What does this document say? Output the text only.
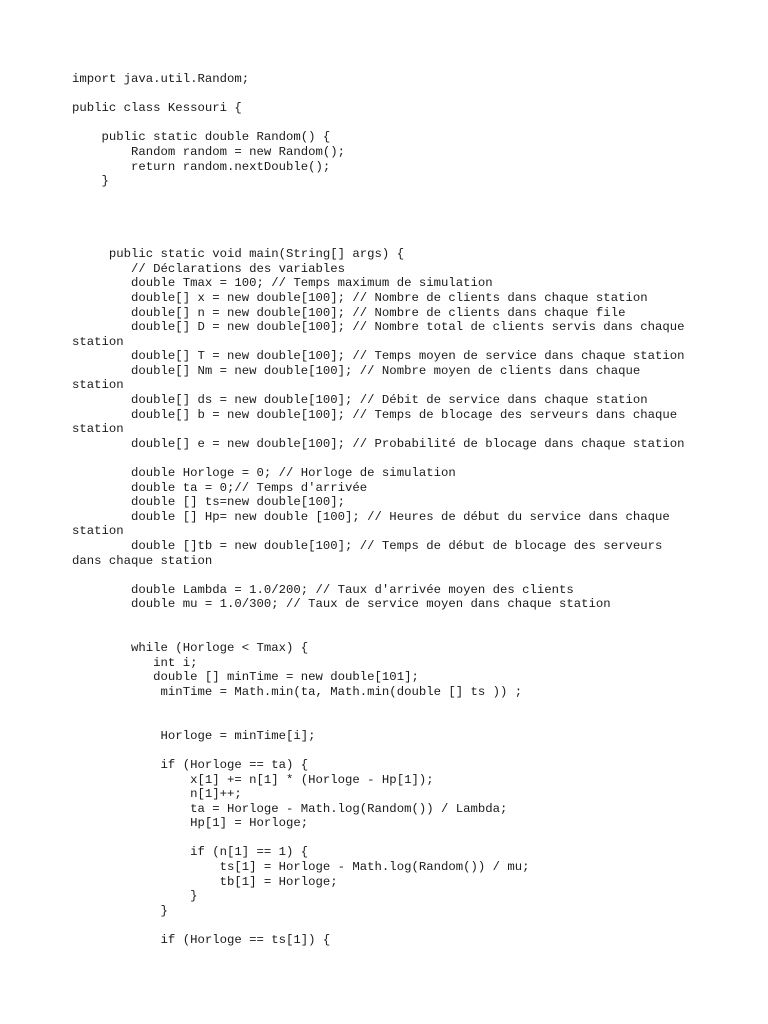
import java.util.Random;
public class Kessouri {
public static double Random() {
Random random = new Random();
return random.nextDouble();
}
public static void main(String[] args) {
// Déclarations des variables
double Tmax = 100; // Temps maximum de simulation
double[] x = new double[100]; // Nombre de clients dans chaque station
double[] n = new double[100]; // Nombre de clients dans chaque file
double[] D = new double[100]; // Nombre total de clients servis dans chaque
station
double[] T = new double[100]; // Temps moyen de service dans chaque station
double[] Nm = new double[100]; // Nombre moyen de clients dans chaque
station
double[] ds = new double[100]; // Débit de service dans chaque station
double[] b = new double[100]; // Temps de blocage des serveurs dans chaque
station
double[] e = new double[100]; // Probabilité de blocage dans chaque station
double Horloge = 0; // Horloge de simulation
double ta = 0;// Temps d'arrivée
double [] ts=new double[100];
double [] Hp= new double [100]; // Heures de début du service dans chaque
station
double []tb = new double[100]; // Temps de début de blocage des serveurs
dans chaque station
double Lambda = 1.0/200; // Taux d'arrivée moyen des clients
double mu = 1.0/300; // Taux de service moyen dans chaque station
while (Horloge < Tmax) {
int i;
double [] minTime = new double[101];
minTime = Math.min(ta, Math.min(double [] ts )) ;
Horloge = minTime[i];
if (Horloge == ta) {
x[1] += n[1] * (Horloge - Hp[1]);
n[1]++;
ta = Horloge - Math.log(Random()) / Lambda;
Hp[1] = Horloge;
if (n[1] == 1) {
ts[1] = Horloge - Math.log(Random()) / mu;
tb[1] = Horloge;
}
}
if (Horloge == ts[1]) {
